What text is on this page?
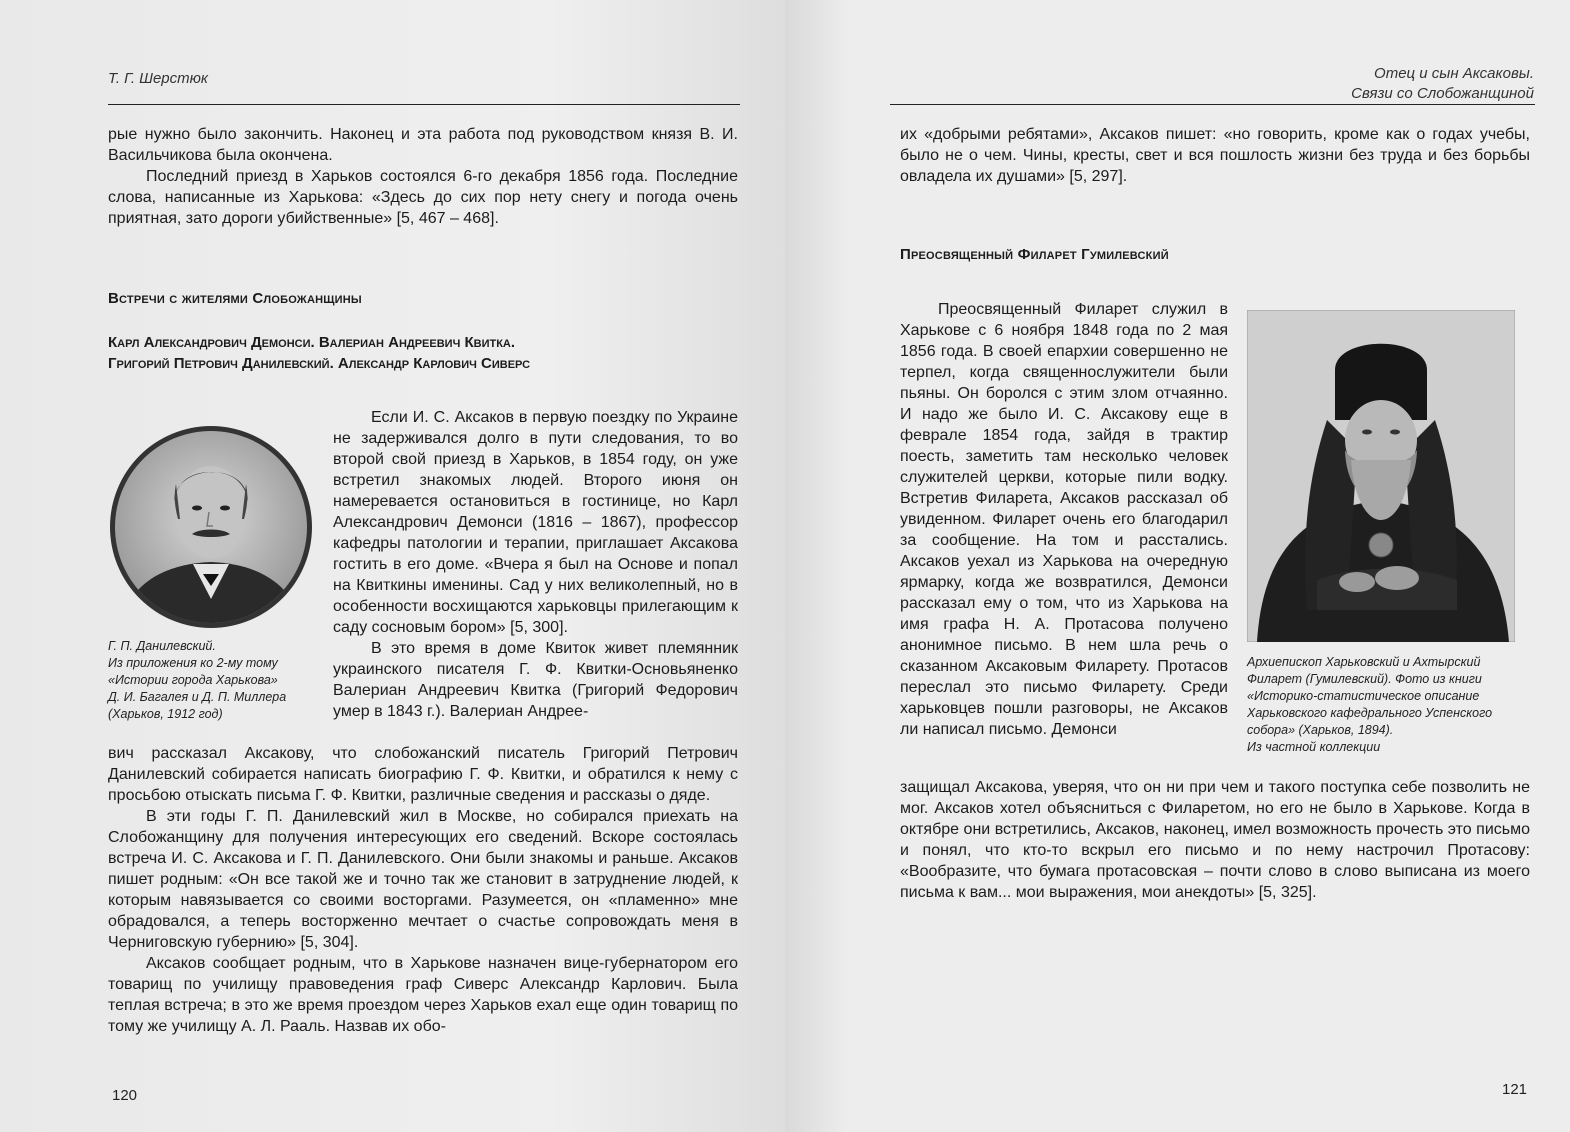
Т. Г. Шерстюк

рые нужно было закончить. Наконец и эта работа под руководством князя В. И. Васильчикова была окончена.

Последний приезд в Харьков состоялся 6-го декабря 1856 года. Последние слова, написанные из Харькова: «Здесь до сих пор нету снегу и погода очень приятная, зато дороги убийственные» [5, 467 – 468].

Встречи с жителями Слобожанщины
Карл Александрович Демонси. Валериан Андреевич Квитка.
Григорий Петрович Данилевский. Александр Карлович Сиверс
Г. П. Данилевский.
Из приложения ко 2-му тому
«Истории города Харькова»
Д. И. Багалея и Д. П. Миллера
(Харьков, 1912 год)

Если И. С. Аксаков в первую поездку по Украине не задерживался долго в пути следования, то во второй свой приезд в Харьков, в 1854 году, он уже встретил знакомых людей. Второго июня он намеревается остановиться в гостинице, но Карл Александрович Демонси (1816 – 1867), профессор кафедры патологии и терапии, приглашает Аксакова гостить в его доме. «Вчера я был на Основе и попал на Квиткины именины. Сад у них великолепный, но в особенности восхищаются харьковцы прилегающим к саду сосновым бором» [5, 300].

В это время в доме Квиток живет племянник украинского писателя Г. Ф. Квитки-Основьяненко Валериан Андреевич Квитка (Григорий Федорович умер в 1843 г.). Валериан Андрее-

вич рассказал Аксакову, что слобожанский писатель Григорий Петрович Данилевский собирается написать биографию Г. Ф. Квитки, и обратился к нему с просьбою отыскать письма Г. Ф. Квитки, различные сведения и рассказы о дяде.

В эти годы Г. П. Данилевский жил в Москве, но собирался приехать на Слобожанщину для получения интересующих его сведений. Вскоре состоялась встреча И. С. Аксакова и Г. П. Данилевского. Они были знакомы и раньше. Аксаков пишет родным: «Он все такой же и точно так же становит в затруднение людей, к которым навязывается со своими восторгами. Разумеется, он «пламенно» мне обрадовался, а теперь восторженно мечтает о счастье сопровождать меня в Черниговскую губернию» [5, 304].

Аксаков сообщает родным, что в Харькове назначен вице-губернатором его товарищ по училищу правоведения граф Сиверс Александр Карлович. Была теплая встреча; в это же время проездом через Харьков ехал еще один товарищ по тому же училищу А. Л. Рааль. Назвав их обо-

120
Отец и сын Аксаковы.
Связи со Слобожанщиной

их «добрыми ребятами», Аксаков пишет: «но говорить, кроме как о годах учебы, было не о чем. Чины, кресты, свет и вся пошлость жизни без труда и без борьбы овладела их душами» [5, 297].

Преосвященный Филарет Гумилевский
Архиепископ Харьковский и Ахтырский
Филарет (Гумилевский). Фото из книги
«Историко-статистическое описание
Харьковского кафедрального Успенского
собора» (Харьков, 1894).
Из частной коллекции

Преосвященный Филарет служил в Харькове с 6 ноября 1848 года по 2 мая 1856 года. В своей епархии совершенно не терпел, когда священнослужители были пьяны. Он боролся с этим злом отчаянно. И надо же было И. С. Аксакову еще в феврале 1854 года, зайдя в трактир поесть, заметить там несколько человек служителей церкви, которые пили водку. Встретив Филарета, Аксаков рассказал об увиденном. Филарет очень его благодарил за сообщение. На том и расстались. Аксаков уехал из Харькова на очередную ярмарку, когда же возвратился, Демонси рассказал ему о том, что из Харькова на имя графа Н. А. Протасова получено анонимное письмо. В нем шла речь о сказанном Аксаковым Филарету. Протасов переслал это письмо Филарету. Среди харьковцев пошли разговоры, не Аксаков ли написал письмо. Демонси

защищал Аксакова, уверяя, что он ни при чем и такого поступка себе позволить не мог. Аксаков хотел объясниться с Филаретом, но его не было в Харькове. Когда в октябре они встретились, Аксаков, наконец, имел возможность прочесть это письмо и понял, что кто-то вскрыл его письмо и по нему настрочил Протасову: «Вообразите, что бумага протасовская – почти слово в слово выписана из моего письма к вам... мои выражения, мои анекдоты» [5, 325].

121
